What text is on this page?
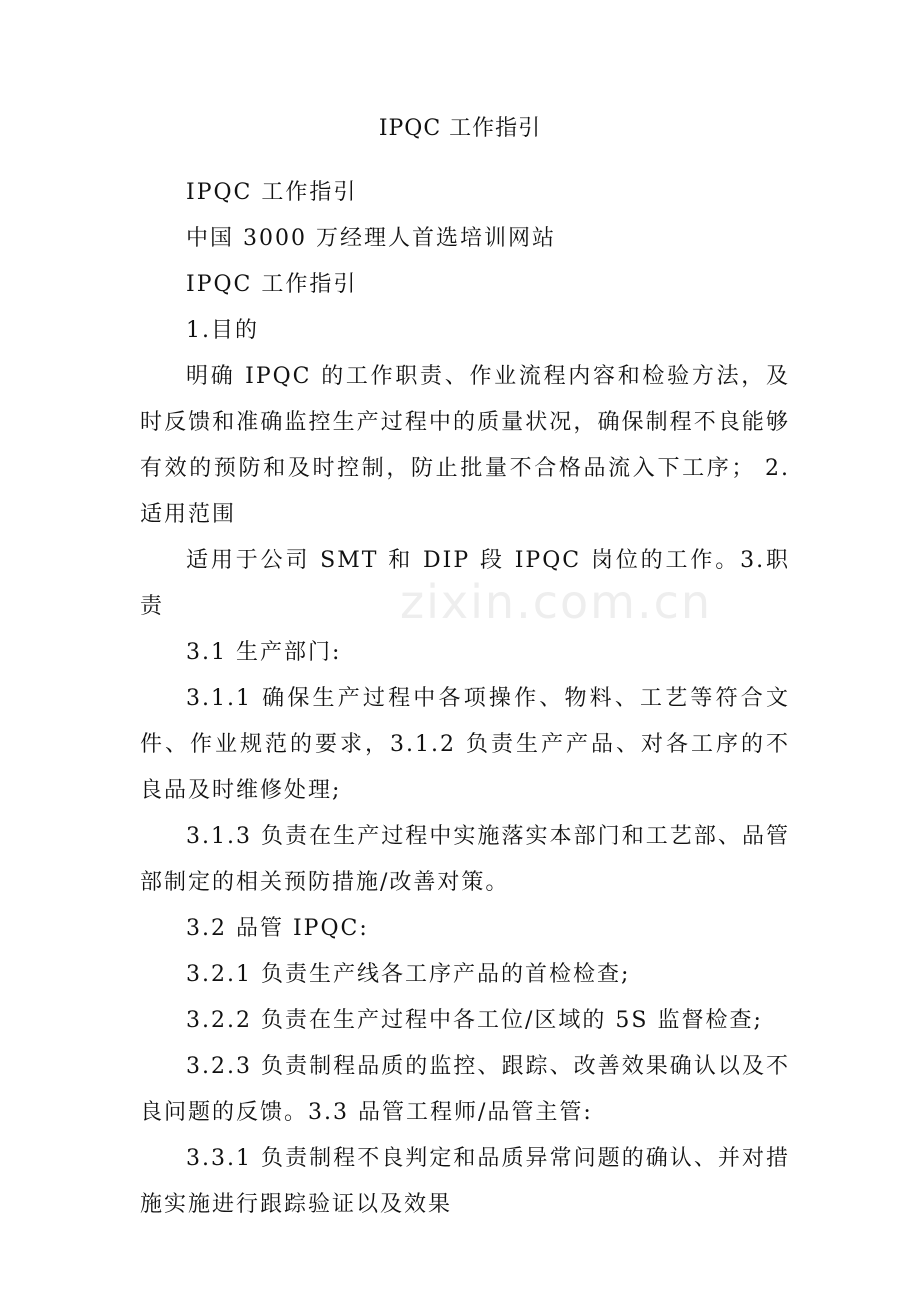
zixin.com.cn
IPQC 工作指引

IPQC 工作指引

中国 3000 万经理人首选培训网站

IPQC 工作指引

1.目的

明确 IPQC 的工作职责、作业流程内容和检验方法，及时反馈和准确监控生产过程中的质量状况，确保制程不良能够有效的预防和及时控制，防止批量不合格品流入下工序； 2.适用范围

适用于公司 SMT 和 DIP 段 IPQC 岗位的工作。3.职责

3.1 生产部门:

3.1.1 确保生产过程中各项操作、物料、工艺等符合文件、作业规范的要求，3.1.2 负责生产产品、对各工序的不良品及时维修处理;

3.1.3 负责在生产过程中实施落实本部门和工艺部、品管部制定的相关预防措施/改善对策。

3.2 品管 IPQC:

3.2.1 负责生产线各工序产品的首检检查;

3.2.2 负责在生产过程中各工位/区域的 5S 监督检查;

3.2.3 负责制程品质的监控、跟踪、改善效果确认以及不良问题的反馈。3.3 品管工程师/品管主管:

3.3.1 负责制程不良判定和品质异常问题的确认、并对措施实施进行跟踪验证以及效果
